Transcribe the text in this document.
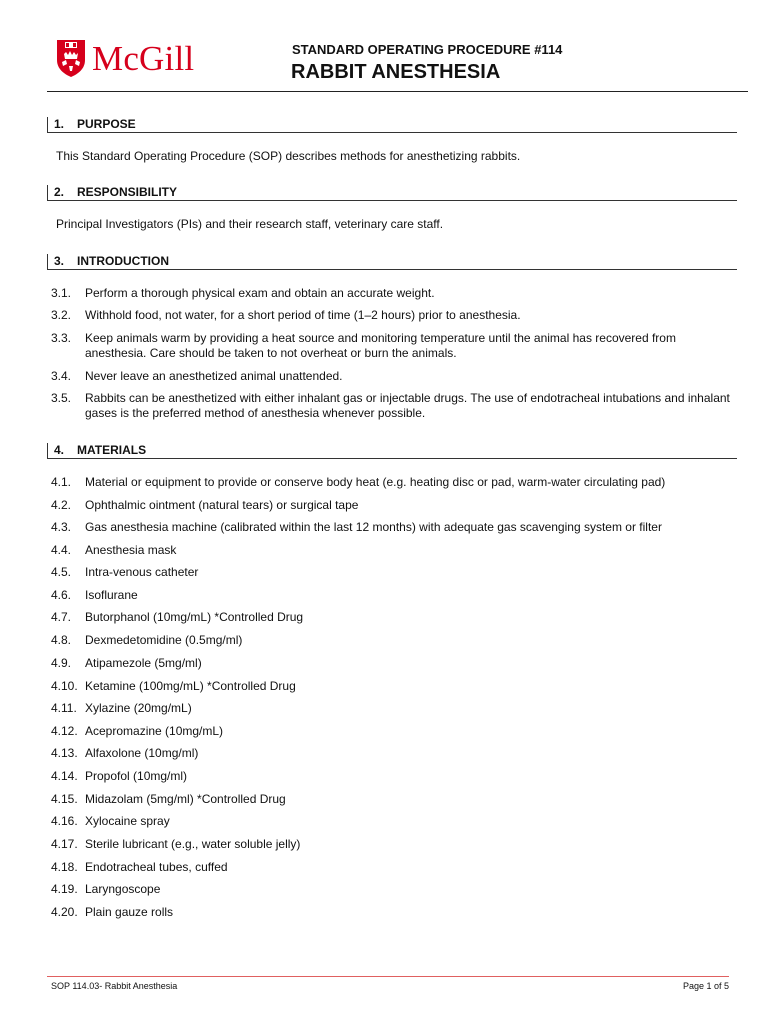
McGill	STANDARD OPERATING PROCEDURE #114
RABBIT ANESTHESIA
1. PURPOSE
This Standard Operating Procedure (SOP) describes methods for anesthetizing rabbits.
2. RESPONSIBILITY
Principal Investigators (PIs) and their research staff, veterinary care staff.
3. INTRODUCTION
3.1.	Perform a thorough physical exam and obtain an accurate weight.
3.2.	Withhold food, not water, for a short period of time (1–2 hours) prior to anesthesia.
3.3.	Keep animals warm by providing a heat source and monitoring temperature until the animal has recovered from anesthesia. Care should be taken to not overheat or burn the animals.
3.4.	Never leave an anesthetized animal unattended.
3.5.	Rabbits can be anesthetized with either inhalant gas or injectable drugs. The use of endotracheal intubations and inhalant gases is the preferred method of anesthesia whenever possible.
4. MATERIALS
4.1.	Material or equipment to provide or conserve body heat (e.g. heating disc or pad, warm-water circulating pad)
4.2.	Ophthalmic ointment (natural tears) or surgical tape
4.3.	Gas anesthesia machine (calibrated within the last 12 months) with adequate gas scavenging system or filter
4.4.	Anesthesia mask
4.5.	Intra-venous catheter
4.6.	Isoflurane
4.7.	Butorphanol (10mg/mL) *Controlled Drug
4.8.	Dexmedetomidine (0.5mg/ml)
4.9.	Atipamezole (5mg/ml)
4.10. Ketamine (100mg/mL) *Controlled Drug
4.11. Xylazine (20mg/mL)
4.12. Acepromazine (10mg/mL)
4.13. Alfaxolone (10mg/ml)
4.14. Propofol (10mg/ml)
4.15. Midazolam (5mg/ml) *Controlled Drug
4.16. Xylocaine spray
4.17. Sterile lubricant (e.g., water soluble jelly)
4.18. Endotracheal tubes, cuffed
4.19. Laryngoscope
4.20. Plain gauze rolls
SOP 114.03- Rabbit Anesthesia	Page 1 of 5
